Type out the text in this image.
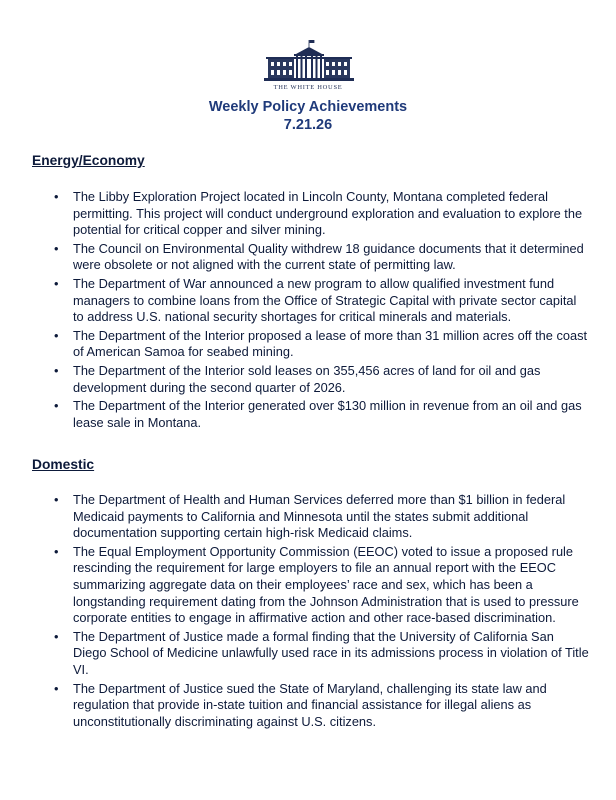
THE WHITE HOUSE
Weekly Policy Achievements
7.21.26
Energy/Economy
• The Libby Exploration Project located in Lincoln County, Montana completed federal permitting. This project will conduct underground exploration and evaluation to explore the potential for critical copper and silver mining.
• The Council on Environmental Quality withdrew 18 guidance documents that it determined were obsolete or not aligned with the current state of permitting law.
• The Department of War announced a new program to allow qualified investment fund managers to combine loans from the Office of Strategic Capital with private sector capital to address U.S. national security shortages for critical minerals and materials.
• The Department of the Interior proposed a lease of more than 31 million acres off the coast of American Samoa for seabed mining.
• The Department of the Interior sold leases on 355,456 acres of land for oil and gas development during the second quarter of 2026.
• The Department of the Interior generated over $130 million in revenue from an oil and gas lease sale in Montana.
Domestic
• The Department of Health and Human Services deferred more than $1 billion in federal Medicaid payments to California and Minnesota until the states submit additional documentation supporting certain high-risk Medicaid claims.
• The Equal Employment Opportunity Commission (EEOC) voted to issue a proposed rule rescinding the requirement for large employers to file an annual report with the EEOC summarizing aggregate data on their employees’ race and sex, which has been a longstanding requirement dating from the Johnson Administration that is used to pressure corporate entities to engage in affirmative action and other race-based discrimination.
• The Department of Justice made a formal finding that the University of California San Diego School of Medicine unlawfully used race in its admissions process in violation of Title VI.
• The Department of Justice sued the State of Maryland, challenging its state law and regulation that provide in-state tuition and financial assistance for illegal aliens as unconstitutionally discriminating against U.S. citizens.
